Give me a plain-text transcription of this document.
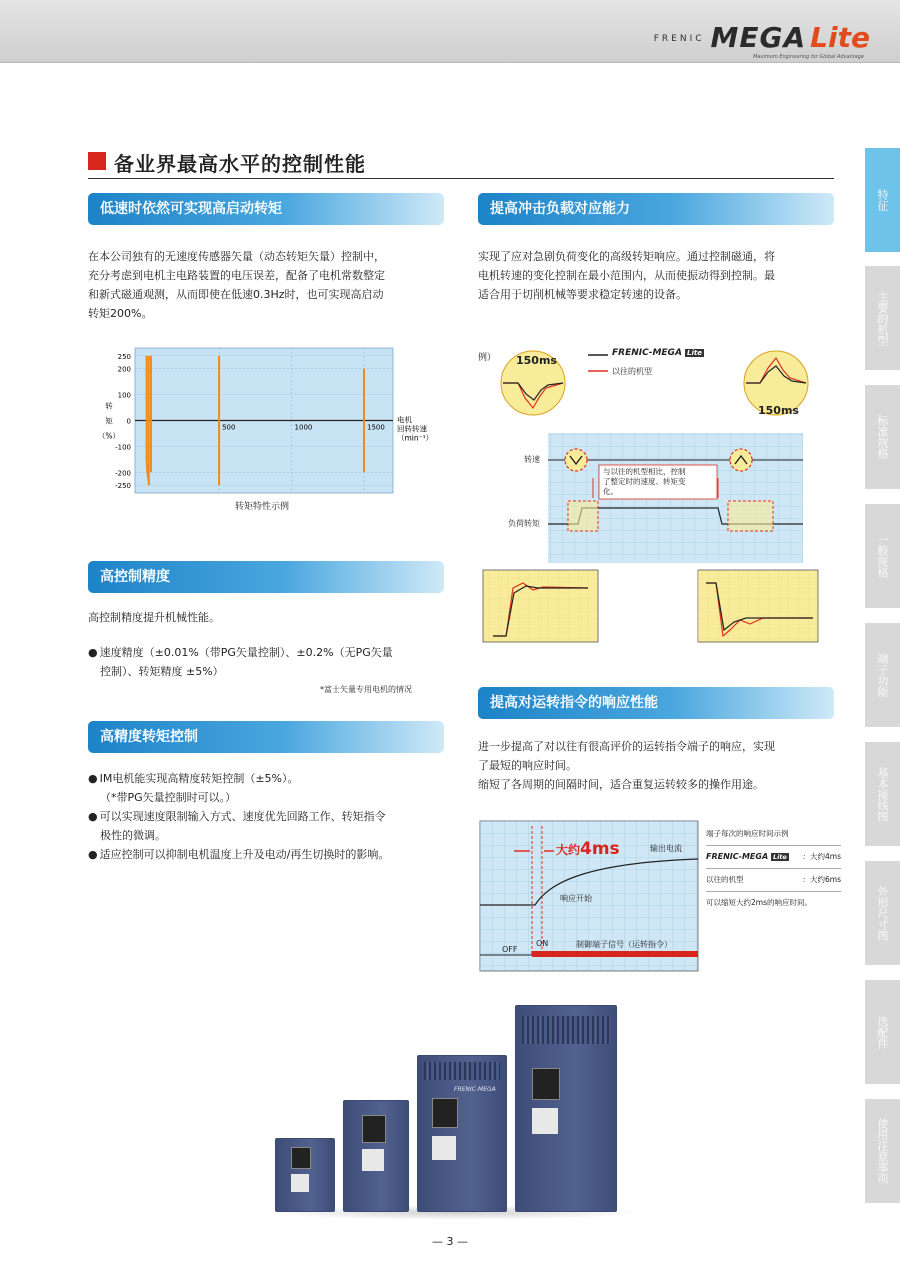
FRENIC MEGA Lite
Maximum Engineering for Global Advantage
备业界最高水平的控制性能
低速时依然可实现高启动转矩
在本公司独有的无速度传感器矢量（动态转矩矢量）控制中，
充分考虑到电机主电路装置的电压误差，配备了电机常数整定
和新式磁通观测，从而即使在低速0.3Hz时，也可实现高启动
转矩200%。
250
200
100
0
-100
-200
-250
500	1000	1500
电机
回转转速
（min⁻¹）
转
矩
（%）
转矩特性示例
高控制精度
高控制精度提升机械性能。
● 速度精度（±0.01%（带PG矢量控制）、±0.2%（无PG矢量
控制）、转矩精度 ±5%）
*富士矢量专用电机的情况
高精度转矩控制
● IM电机能实现高精度转矩控制（±5%）。
（*带PG矢量控制时可以。）
● 可以实现速度限制输入方式、速度优先回路工作、转矩指令
极性的微调。
● 适应控制可以抑制电机温度上升及电动/再生切换时的影响。
提高冲击负载对应能力
实现了应对急剧负荷变化的高级转矩响应。通过控制磁通，将
电机转速的变化控制在最小范围内，从而使振动得到控制。最
适合用于切削机械等要求稳定转速的设备。
例） 150ms
150ms
FRENIC-MEGA Lite
以往的机型
转速
负荷转矩
与以往的机型相比，控制
了整定时的速度、转矩变
化。
提高对运转指令的响应性能
进一步提高了对以往有很高评价的运转指令端子的响应，实现
了最短的响应时间。
缩短了各周期的间隔时间，适合重复运转较多的操作用途。
大约4ms	输出电流
响应开始
OFF
ON	制御端子信号（运转指令）
端子每次的响应时间示例
FRENIC-MEGA Lite ：大约4ms
以往的机型	：大约6ms
可以缩短大约2ms的响应时间。
FRENIC-MEGA
— 3 —
特征
主要的机型
标准规格
一般规格
端子功能
基本接线图
外形尺寸图
选配件
使用注意事项
